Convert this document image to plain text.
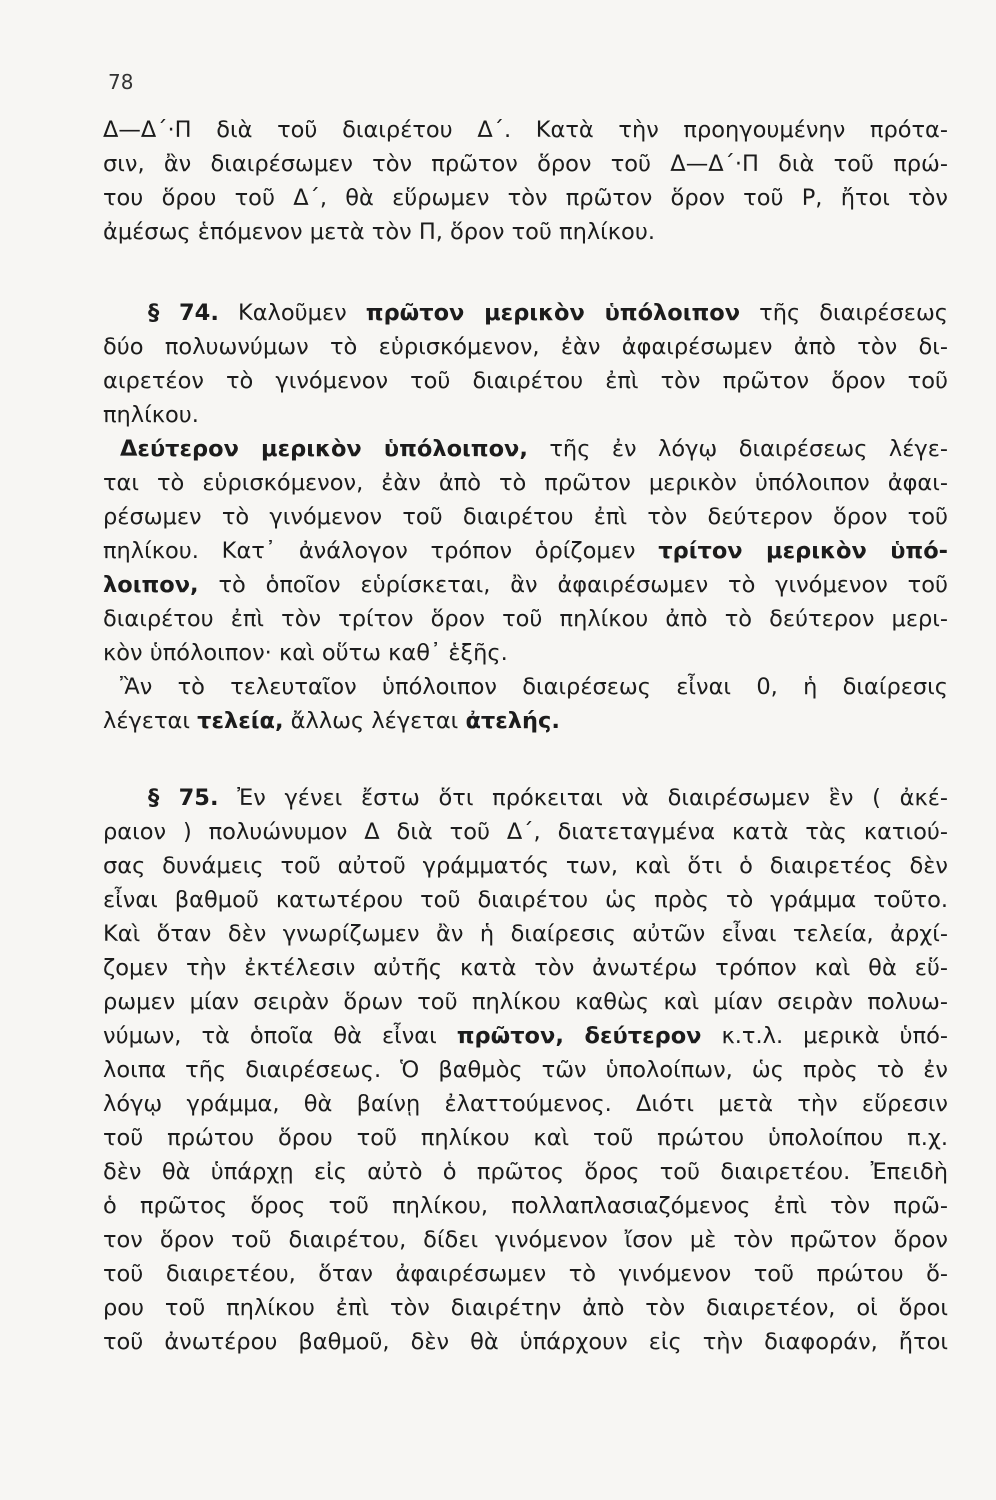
78
Δ—Δ΄·Π διὰ τοῦ διαιρέτου Δ΄. Κατὰ τὴν προηγουμένην πρότα-
σιν, ἂν διαιρέσωμεν τὸν πρῶτον ὅρον τοῦ Δ—Δ΄·Π διὰ τοῦ πρώ-
του ὅρου τοῦ Δ΄, θὰ εὕρωμεν τὸν πρῶτον ὅρον τοῦ Ρ, ἤτοι τὸν
ἀμέσως ἑπόμενον μετὰ τὸν Π, ὅρον τοῦ πηλίκου.
§ 74. Καλοῦμεν πρῶτον μερικὸν ὑπόλοιπον τῆς διαιρέσεως
δύο πολυωνύμων τὸ εὑρισκόμενον, ἐὰν ἀφαιρέσωμεν ἀπὸ τὸν δι-
αιρετέον τὸ γινόμενον τοῦ διαιρέτου ἐπὶ τὸν πρῶτον ὅρον τοῦ
πηλίκου.
Δεύτερον μερικὸν ὑπόλοιπον, τῆς ἐν λόγῳ διαιρέσεως λέγε-
ται τὸ εὑρισκόμενον, ἐὰν ἀπὸ τὸ πρῶτον μερικὸν ὑπόλοιπον ἀφαι-
ρέσωμεν τὸ γινόμενον τοῦ διαιρέτου ἐπὶ τὸν δεύτερον ὅρον τοῦ
πηλίκου. Κατ᾽ ἀνάλογον τρόπον ὁρίζομεν τρίτον μερικὸν ὑπό-
λοιπον, τὸ ὁποῖον εὑρίσκεται, ἂν ἀφαιρέσωμεν τὸ γινόμενον τοῦ
διαιρέτου ἐπὶ τὸν τρίτον ὅρον τοῦ πηλίκου ἀπὸ τὸ δεύτερον μερι-
κὸν ὑπόλοιπον· καὶ οὕτω καθ᾽ ἑξῆς.
Ἂν τὸ τελευταῖον ὑπόλοιπον διαιρέσεως εἶναι 0, ἡ διαίρεσις
λέγεται τελεία, ἄλλως λέγεται ἀτελής.
§ 75. Ἐν γένει ἔστω ὅτι πρόκειται νὰ διαιρέσωμεν ἓν ( ἀκέ-
ραιον ) πολυώνυμον Δ διὰ τοῦ Δ΄, διατεταγμένα κατὰ τὰς κατιού-
σας δυνάμεις τοῦ αὐτοῦ γράμματός των, καὶ ὅτι ὁ διαιρετέος δὲν
εἶναι βαθμοῦ κατωτέρου τοῦ διαιρέτου ὡς πρὸς τὸ γράμμα τοῦτο.
Καὶ ὅταν δὲν γνωρίζωμεν ἂν ἡ διαίρεσις αὐτῶν εἶναι τελεία, ἀρχί-
ζομεν τὴν ἐκτέλεσιν αὐτῆς κατὰ τὸν ἀνωτέρω τρόπον καὶ θὰ εὕ-
ρωμεν μίαν σειρὰν ὅρων τοῦ πηλίκου καθὼς καὶ μίαν σειρὰν πολυω-
νύμων, τὰ ὁποῖα θὰ εἶναι πρῶτον, δεύτερον κ.τ.λ. μερικὰ ὑπό-
λοιπα τῆς διαιρέσεως. Ὁ βαθμὸς τῶν ὑπολοίπων, ὡς πρὸς τὸ ἐν
λόγῳ γράμμα, θὰ βαίνῃ ἐλαττούμενος. Διότι μετὰ τὴν εὕρεσιν
τοῦ πρώτου ὅρου τοῦ πηλίκου καὶ τοῦ πρώτου ὑπολοίπου π.χ.
δὲν θὰ ὑπάρχῃ εἰς αὐτὸ ὁ πρῶτος ὅρος τοῦ διαιρετέου. Ἐπειδὴ
ὁ πρῶτος ὅρος τοῦ πηλίκου, πολλαπλασιαζόμενος ἐπὶ τὸν πρῶ-
τον ὅρον τοῦ διαιρέτου, δίδει γινόμενον ἴσον μὲ τὸν πρῶτον ὅρον
τοῦ διαιρετέου, ὅταν ἀφαιρέσωμεν τὸ γινόμενον τοῦ πρώτου ὅ-
ρου τοῦ πηλίκου ἐπὶ τὸν διαιρέτην ἀπὸ τὸν διαιρετέον, οἱ ὅροι
τοῦ ἀνωτέρου βαθμοῦ, δὲν θὰ ὑπάρχουν εἰς τὴν διαφοράν, ἤτοι
